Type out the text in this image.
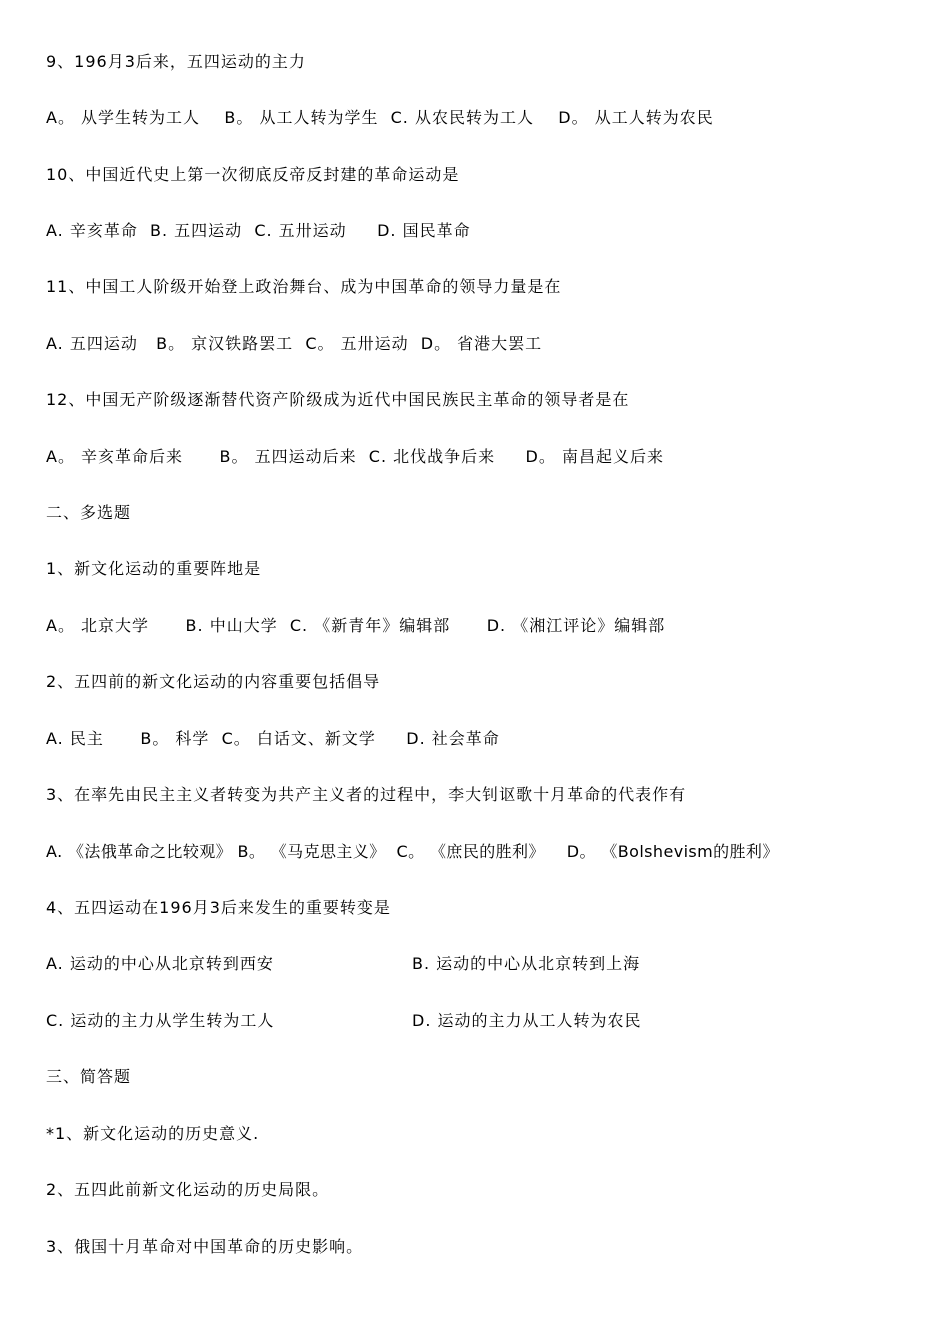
9、196月3后来，五四运动的主力
A。 从学生转为工人    B。 从工人转为学生  C. 从农民转为工人    D。 从工人转为农民
10、中国近代史上第一次彻底反帝反封建的革命运动是
A. 辛亥革命  B. 五四运动  C. 五卅运动     D. 国民革命
11、中国工人阶级开始登上政治舞台、成为中国革命的领导力量是在
A. 五四运动   B。 京汉铁路罢工  C。 五卅运动  D。 省港大罢工
12、中国无产阶级逐渐替代资产阶级成为近代中国民族民主革命的领导者是在
A。 辛亥革命后来      B。 五四运动后来  C. 北伐战争后来     D。 南昌起义后来
二、多选题
1、新文化运动的重要阵地是
A。 北京大学      B. 中山大学  C. 《新青年》编辑部      D. 《湘江评论》编辑部
2、五四前的新文化运动的内容重要包括倡导
A. 民主      B。 科学  C。 白话文、新文学     D. 社会革命
3、在率先由民主主义者转变为共产主义者的过程中，李大钊讴歌十月革命的代表作有
A. 《法俄革命之比较观》 B。 《马克思主义》  C。 《庶民的胜利》    D。 《Bolshevism的胜利》
4、五四运动在196月3后来发生的重要转变是
A. 运动的中心从北京转到西安	B. 运动的中心从北京转到上海
C. 运动的主力从学生转为工人	D. 运动的主力从工人转为农民
三、简答题
*1、新文化运动的历史意义.
2、五四此前新文化运动的历史局限。
3、俄国十月革命对中国革命的历史影响。
